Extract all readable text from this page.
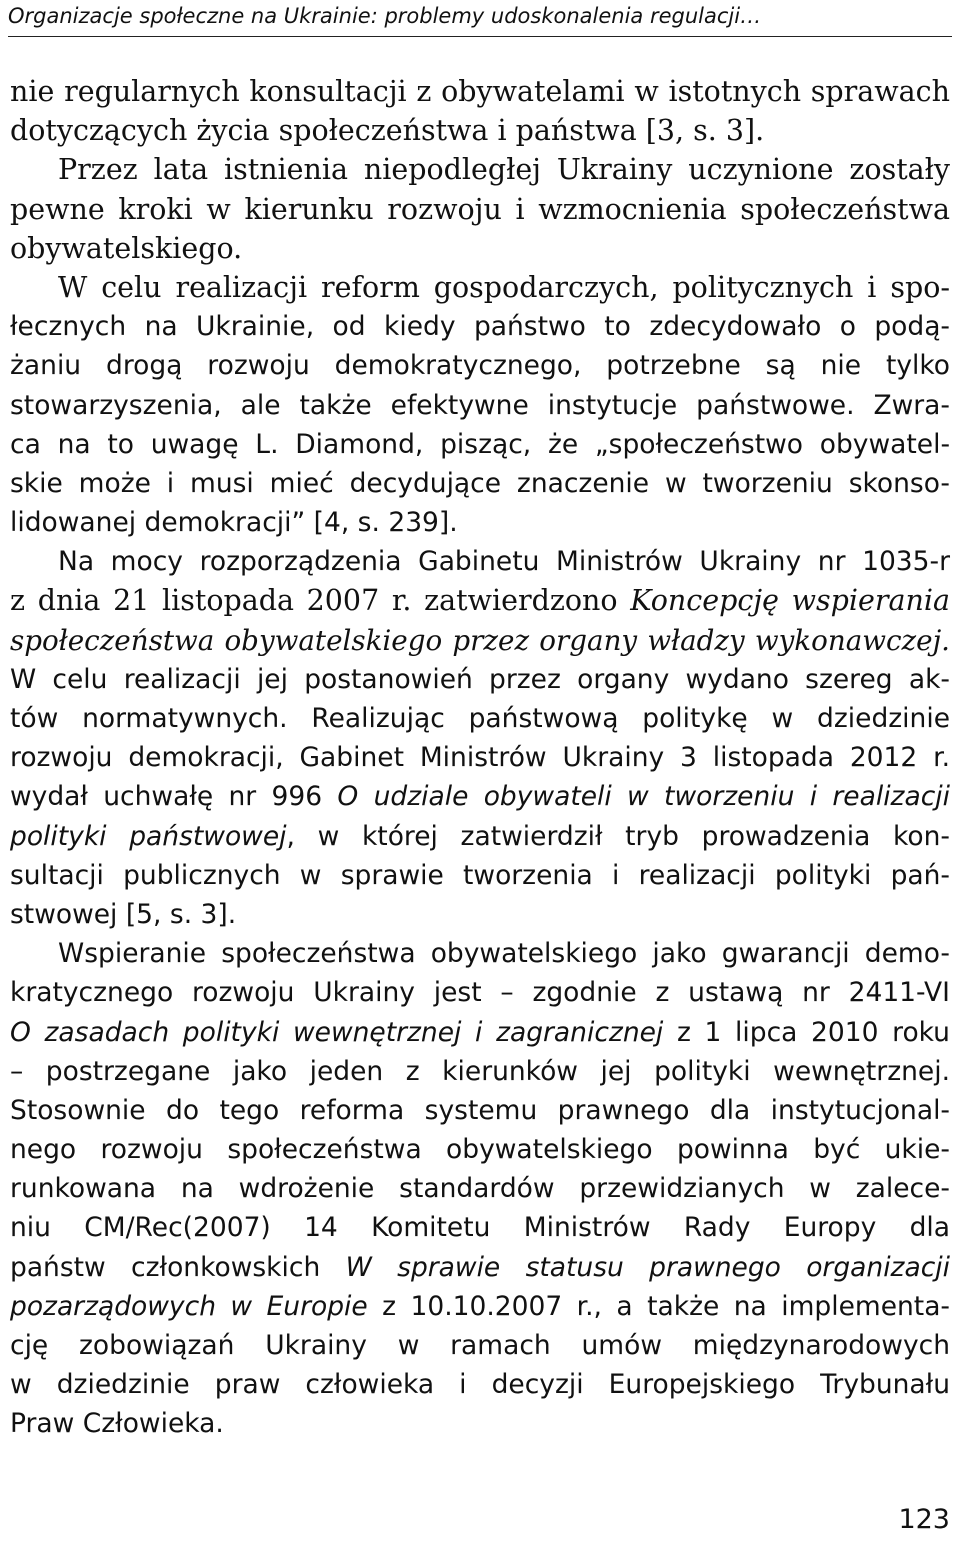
Organizacje społeczne na Ukrainie: problemy udoskonalenia regulacji…
nie regularnych konsultacji z obywatelami w istotnych sprawach
dotyczących życia społeczeństwa i państwa [3, s. 3].
Przez lata istnienia niepodległej Ukrainy uczynione zostały
pewne kroki w kierunku rozwoju i wzmocnienia społeczeństwa
obywatelskiego.
W celu realizacji reform gospodarczych, politycznych i spo-
łecznych na Ukrainie, od kiedy państwo to zdecydowało o podą-
żaniu drogą rozwoju demokratycznego, potrzebne są nie tylko
stowarzyszenia, ale także efektywne instytucje państwowe. Zwra-
ca na to uwagę L. Diamond, pisząc, że „społeczeństwo obywatel-
skie może i musi mieć decydujące znaczenie w tworzeniu skonso-
lidowanej demokracji” [4, s. 239].
Na mocy rozporządzenia Gabinetu Ministrów Ukrainy nr 1035-r
z dnia 21 listopada 2007 r. zatwierdzono Koncepcję wspierania
społeczeństwa obywatelskiego przez organy władzy wykonawczej.
W celu realizacji jej postanowień przez organy wydano szereg ak-
tów normatywnych. Realizując państwową politykę w dziedzinie
rozwoju demokracji, Gabinet Ministrów Ukrainy 3 listopada 2012 r.
wydał uchwałę nr 996 O udziale obywateli w tworzeniu i realizacji
polityki państwowej, w której zatwierdził tryb prowadzenia kon-
sultacji publicznych w sprawie tworzenia i realizacji polityki pań-
stwowej [5, s. 3].
Wspieranie społeczeństwa obywatelskiego jako gwarancji demo-
kratycznego rozwoju Ukrainy jest – zgodnie z ustawą nr 2411-VI
O zasadach polityki wewnętrznej i zagranicznej z 1 lipca 2010 roku
– postrzegane jako jeden z kierunków jej polityki wewnętrznej.
Stosownie do tego reforma systemu prawnego dla instytucjonal-
nego rozwoju społeczeństwa obywatelskiego powinna być ukie-
runkowana na wdrożenie standardów przewidzianych w zalece-
niu CM/Rec(2007) 14 Komitetu Ministrów Rady Europy dla
państw członkowskich W sprawie statusu prawnego organizacji
pozarządowych w Europie z 10.10.2007 r., a także na implementa-
cję zobowiązań Ukrainy w ramach umów międzynarodowych
w dziedzinie praw człowieka i decyzji Europejskiego Trybunału
Praw Człowieka.
123
